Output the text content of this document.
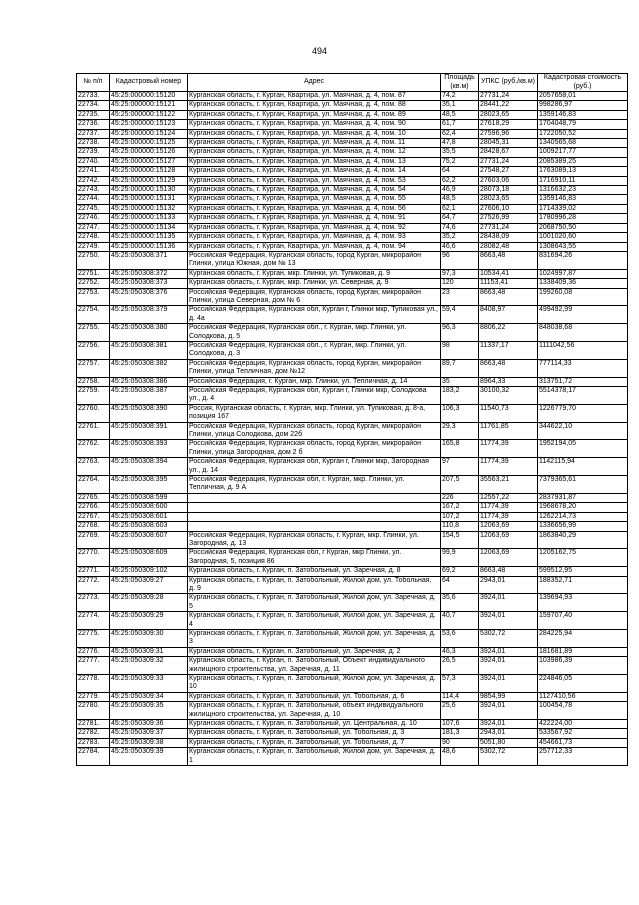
494
№ п/п	Кадастровый номер	Адрес	Площадь (кв.м)	УПКС (руб./кв.м)	Кадастровая стоимость (руб.)
22733.	45:25:000000:15120	Курганская область, г. Курган, Квартира, ул. Маячная, д. 4, пом. 87	74,2	27731,24	2057658,01
22734.	45:25:000000:15121	Курганская область, г. Курган, Квартира, ул. Маячная, д. 4, пом. 88	35,1	28441,22	998286,97
22735.	45:25:000000:15122	Курганская область, г. Курган, Квартира, ул. Маячная, д. 4, пом. 89	48,5	28023,65	1359146,83
22736.	45:25:000000:15123	Курганская область, г. Курган, Квартира, ул. Маячная, д. 4, пом. 90	61,7	27618,29	1704048,79
22737.	45:25:000000:15124	Курганская область, г. Курган, Квартира, ул. Маячная, д. 4, пом. 10	62,4	27596,96	1722050,52
22738.	45:25:000000:15125	Курганская область, г. Курган, Квартира, ул. Маячная, д. 4, пом. 11	47,8	28045,31	1340565,68
22739.	45:25:000000:15126	Курганская область, г. Курган, Квартира, ул. Маячная, д. 4, пом. 12	35,5	28428,67	1009217,77
22740.	45:25:000000:15127	Курганская область, г. Курган, Квартира, ул. Маячная, д. 4, пом. 13	75,2	27731,24	2085389,25
22741.	45:25:000000:15128	Курганская область, г. Курган, Квартира, ул. Маячная, д. 4, пом. 14	64	27548,27	1763089,13
22742.	45:25:000000:15129	Курганская область, г. Курган, Квартира, ул. Маячная, д. 4, пом. 53	62,2	27603,06	1716910,11
22743.	45:25:000000:15130	Курганская область, г. Курган, Квартира, ул. Маячная, д. 4, пом. 54	46,9	28073,18	1316632,23
22744.	45:25:000000:15131	Курганская область, г. Курган, Квартира, ул. Маячная, д. 4, пом. 55	48,5	28023,65	1359146,83
22745.	45:25:000000:15132	Курганская область, г. Курган, Квартира, ул. Маячная, д. 4, пом. 56	62,1	27606,10	1714339,02
22746.	45:25:000000:15133	Курганская область, г. Курган, Квартира, ул. Маячная, д. 4, пом. 91	64,7	27526,99	1780996,28
22747.	45:25:000000:15134	Курганская область, г. Курган, Квартира, ул. Маячная, д. 4, пом. 92	74,6	27731,24	2068750,50
22748.	45:25:000000:15135	Курганская область, г. Курган, Квартира, ул. Маячная, д. 4, пом. 93	35,2	28438,09	1001020,60
22749.	45:25:000000:15136	Курганская область, г. Курган, Квартира, ул. Маячная, д. 4, пом. 94	46,6	28082,48	1308643,55
22750.	45:25:050308:371	Российская Федерация, Курганская область, город Курган, микрорайон Глинки, улица Южная, дом № 13	96	8663,48	831694,26
22751.	45:25:050308:372	Курганская область, г. Курган, мкр. Глинки, ул. Тупиковая, д. 9	97,3	10534,41	1024997,87
22752.	45:25:050308:373	Курганская область, г. Курган, мкр. Глинки, ул. Северная, д. 9	120	11153,41	1338409,36
22753.	45:25:050308:376	Российская Федерация, Курганская область, город Курган, микрорайон Глинки, улица Северная, дом № 6	23	8663,48	199260,08
22754.	45:25:050308:379	Российская Федерация, Курганская обл, Курган г, Глинки мкр, Тупиковая ул., д. 4а	59,4	8408,97	499492,99
22755.	45:25:050308:380	Российская Федерация, Курганская обл., г. Курган, мкр. Глинки, ул. Солодкова, д. 5	96,3	8806,22	848038,68
22756.	45:25:050308:381	Российская Федерация, Курганская обл., г. Курган, мкр. Глинки, ул. Солодкова, д. 3	98	11337,17	1111042,56
22757.	45:25:050308:382	Российская Федерация, Курганская область, город Курган, микрорайон Глинки, улица Тепличная, дом №12	89,7	8663,48	777114,33
22758.	45:25:050308:386	Российская Федерация, г. Курган, мкр. Глинки, ул. Тепличная, д. 14	35	8964,33	313751,72
22759.	45:25:050308:387	Российская Федерация, Курганская обл, Курган г, Глинки мкр, Солодкова ул., д. 4	183,2	30100,32	5514378,17
22760.	45:25:050308:390	Россия, Курганская область, г. Курган, мкр. Глинки, ул. Тупиковая, д. 8-а, позиция 167	106,3	11540,73	1226779,70
22761.	45:25:050308:391	Российская Федерация, Курганская область, город Курган, микрорайон Глинки, улица Солодкова, дом 22б	29,3	11761,85	344622,10
22762.	45:25:050308:393	Российская Федерация, Курганская область, город Курган, микрорайон Глинки, улица Загородная, дом 2 б	165,8	11774,39	1952194,05
22763.	45:25:050308:394	Российская Федерация, Курганская обл, Курган г, Глинки мкр, Загородная ул., д. 14	97	11774,39	1142115,94
22764.	45:25:050308:395	Российская Федерация, Курганская обл, г. Курган, мкр. Глинки, ул. Тепличная, д. 9 А	207,5	35563,21	7379365,61
22765.	45:25:050308:599		226	12557,22	2837931,87
22766.	45:25:050308:600		167,2	11774,39	1968678,20
22767.	45:25:050308:601		107,2	11774,39	1262214,73
22768.	45:25:050308:603		110,8	12063,69	1336656,99
22769.	45:25:050308:607	Российская Федерация, Курганская область, г. Курган, мкр. Глинки, ул. Загородная, д. 13	154,5	12063,69	1863840,29
22770.	45:25:050308:609	Российская Федерация, Курганская обл, г Курган, мкр Глинки, ул. Загородная, 5, позиция 86	99,9	12063,69	1205162,75
22771.	45:25:050309:102	Курганская область, г. Курган, п. Затобольный, ул. Заречная, д. 8	69,2	8663,48	599512,95
22772.	45:25:050309:27	Курганская область, г. Курган, п. Затобольный, Жилой дом, ул. Тобольная, д. 9	64	2943,01	188352,71
22773.	45:25:050309:28	Курганская область, г. Курган, п. Затобольный, Жилой дом, ул. Заречная, д. 5	35,6	3924,01	139694,93
22774.	45:25:050309:29	Курганская область, г. Курган, п. Затобольный, Жилой дом, ул. Заречная, д. 4	40,7	3924,01	159707,40
22775.	45:25:050309:30	Курганская область, г. Курган, п. Затобольный, Жилой дом, ул. Заречная, д. 3	53,6	5302,72	284225,94
22776.	45:25:050309:31	Курганская область, г. Курган, п. Затобольный, ул. Заречная, д. 2	46,3	3924,01	181681,89
22777.	45:25:050309:32	Курганская область, г. Курган, п. Затобольный, Объект индивидуального жилищного строительства, ул. Заречная, д. 11	26,5	3924,01	103986,39
22778.	45:25:050309:33	Курганская область, г. Курган, п. Затобольный, Жилой дом, ул. Заречная, д. 10	57,3	3924,01	224846,05
22779.	45:25:050309:34	Курганская область, г. Курган, п. Затобольный, ул. Тобольная, д. 6	114,4	9854,99	1127410,56
22780.	45:25:050309:35	Курганская область, г. Курган, п. Затобольный, объект индивидуального жилищного строительства, ул. Заречная, д. 10	25,6	3924,01	100454,78
22781.	45:25:050309:36	Курганская область, г. Курган, п. Затобольный, ул. Центральная, д. 10	107,6	3924,01	422224,00
22782.	45:25:050309:37	Курганская область, г. Курган, п. Затобольный, ул. Тобольная, д. 3	181,3	2943,01	533567,92
22783.	45:25:050309:38	Курганская область, г. Курган, п. Затобольный, ул. Тобольная, д. 7	90	5051,80	454661,73
22784.	45:25:050309:39	Курганская область, г. Курган, п. Затобольный, Жилой дом, ул. Заречная, д. 1	48,6	5302,72	257712,33
